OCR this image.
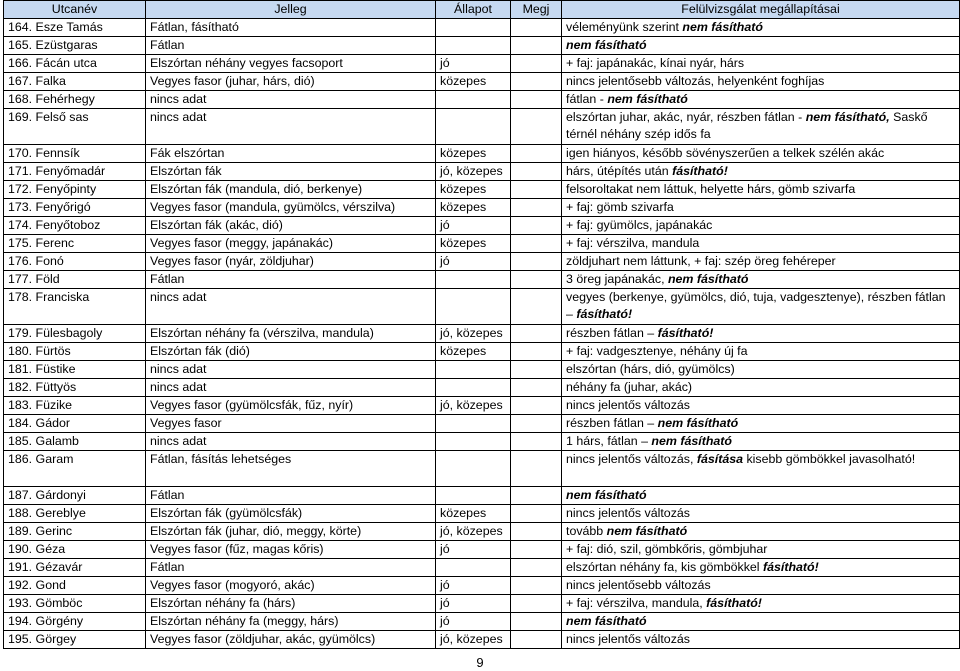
Utcanév	Jelleg	Állapot	Megj	Felülvizsgálat megállapításai
164. Esze Tamás	Fátlan, fásítható			véleményünk szerint nem fásítható
165. Ezüstgaras	Fátlan			nem fásítható
166. Fácán utca	Elszórtan néhány vegyes facsoport	jó		+ faj: japánakác, kínai nyár, hárs
167. Falka	Vegyes fasor (juhar, hárs, dió)	közepes		nincs jelentősebb változás, helyenként foghíjas
168. Fehérhegy	nincs adat			fátlan - nem fásítható
169. Felső sas	nincs adat			elszórtan juhar, akác, nyár, részben fátlan - nem fásítható, Saskő térnél néhány szép idős fa
170. Fennsík	Fák elszórtan	közepes		igen hiányos, később sövényszerűen a telkek szélén akác
171. Fenyőmadár	Elszórtan fák	jó, közepes		hárs, útépítés után fásítható!
172. Fenyőpinty	Elszórtan fák (mandula, dió, berkenye)	közepes		felsoroltakat nem láttuk, helyette hárs, gömb szivarfa
173. Fenyőrigó	Vegyes fasor (mandula, gyümölcs, vérszilva)	közepes		+ faj: gömb szivarfa
174. Fenyőtoboz	Elszórtan fák (akác, dió)	jó		+ faj: gyümölcs, japánakác
175. Ferenc	Vegyes fasor (meggy, japánakác)	közepes		+ faj: vérszilva, mandula
176. Fonó	Vegyes fasor (nyár, zöldjuhar)	jó		zöldjuhart nem láttunk, + faj: szép öreg fehéreper
177. Föld	Fátlan			3 öreg japánakác, nem fásítható
178. Franciska	nincs adat			vegyes (berkenye, gyümölcs, dió, tuja, vadgesztenye), részben fátlan – fásítható!
179. Fülesbagoly	Elszórtan néhány fa (vérszilva, mandula)	jó, közepes		részben fátlan – fásítható!
180. Fürtös	Elszórtan fák (dió)	közepes		+ faj: vadgesztenye, néhány új fa
181. Füstike	nincs adat			elszórtan (hárs, dió, gyümölcs)
182. Füttyös	nincs adat			néhány fa (juhar, akác)
183. Füzike	Vegyes fasor (gyümölcsfák, fűz, nyír)	jó, közepes		nincs jelentős változás
184. Gádor	Vegyes fasor			részben fátlan – nem fásítható
185. Galamb	nincs adat			1 hárs, fátlan – nem fásítható
186. Garam	Fátlan, fásítás lehetséges			nincs jelentős változás, fásítása kisebb gömbökkel javasolható!
187. Gárdonyi	Fátlan			nem fásítható
188. Gereblye	Elszórtan fák (gyümölcsfák)	közepes		nincs jelentős változás
189. Gerinc	Elszórtan fák (juhar, dió, meggy, körte)	jó, közepes		tovább nem fásítható
190. Géza	Vegyes fasor (fűz, magas kőris)	jó		+ faj: dió, szil, gömbkőris, gömbjuhar
191. Gézavár	Fátlan			elszórtan néhány fa, kis gömbökkel fásítható!
192. Gond	Vegyes fasor (mogyoró, akác)	jó		nincs jelentősebb változás
193. Gömböc	Elszórtan néhány fa (hárs)	jó		+ faj: vérszilva, mandula, fásítható!
194. Görgény	Elszórtan néhány fa (meggy, hárs)	jó		nem fásítható
195. Görgey	Vegyes fasor (zöldjuhar, akác, gyümölcs)	jó, közepes		nincs jelentős változás
9
